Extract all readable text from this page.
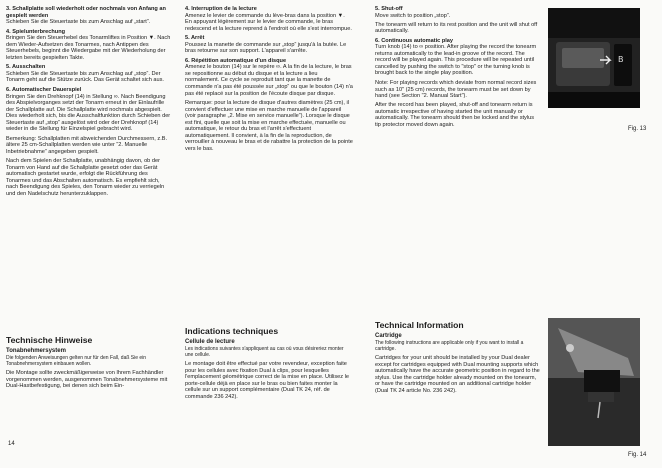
3. Schallplatte soll wiederholt oder nochmals von Anfang an gespielt werden
Schieben Sie die Steuertaste bis zum Anschlag auf „start“.
4. Spielunterbrechung
Bringen Sie den Steuerhebel des Tonarmliftes in Position ▼. Nach dem Wieder-Aufsetzen des Tonarmes, nach Antippen des Steuerhebels, beginnt die Wiedergabe mit der Wiederholung der letzten bereits gespielten Takte.
5. Ausschalten
Schieben Sie die Steuertaste bis zum Anschlag auf „stop“. Der Tonarm geht auf die Stütze zurück. Das Gerät schaltet sich aus.
6. Automatischer Dauerspiel
Bringen Sie den Drehknopf (14) in Stellung ∞. Nach Beendigung des Abspielvorganges setzt der Tonarm erneut in der Einlaufrille der Schallplatte auf. Die Schallplatte wird nochmals abgespielt. Dies wiederholt sich, bis die Ausschaltfunktion durch Schieben der Steuertaste auf „stop“ ausgelöst wird oder der Drehknopf (14) wieder in die Stellung für Einzelspiel gebracht wird.
Bemerkung: Schallplatten mit abweichenden Durchmessern, z.B. ältere 25 cm-Schallplatten werden wie unter “2. Manuelle Inbetriebnahme” angegeben gespielt.
Nach dem Spielen der Schallplatte, unabhängig davon, ob der Tonarm von Hand auf die Schallplatte gesetzt oder das Gerät automatisch gestartet wurde, erfolgt die Rückführung des Tonarmes und das Abschalten automatisch. Es empfiehlt sich, nach Beendigung des Spieles, den Tonarm wieder zu verriegeln und den Nadelschutz herunterzuklappen.
Technische Hinweise
Tonabnehmersystem
Die folgenden Anweisungen gelten nur für den Fall, daß Sie ein Tonabnehmersystem einbauen wollen.
Die Montage sollte zweckmäßigerweise von Ihrem Fachhändler vorgenommen werden, ausgenommen Tonabnehmersysteme mit Dual-Hastbefestigung, bei denen sich beim Ein-
4. Interruption de la lecture
Amenez le levier de commande du lève-bras dans la position ▼. En appuyant légèrement sur le levier de commande, le bras redescend et la lecture reprend à l'endroit où elle s'est interrompue.
5. Arrêt
Poussez la manette de commande sur „stop“ jusqu'à la butée. Le bras retourne sur son support. L'appareil s'arrête.
6. Répétition automatique d'un disque
Amenez le bouton (14) sur le repère ∞. A la fin de la lecture, le bras se repositionne au début du disque et la lecture a lieu normalement. Ce cycle se reproduit tant que la manette de commande n'a pas été poussée sur „stop“ ou que le bouton (14) n'a pas été replacé sur la position de l'écoute disque par disque.
Remarque: pour la lecture de disque d'autres diamètres (25 cm), il convient d'effectuer une mise en marche manuelle de l'appareil (voir paragraphe „2. Mise en service manuelle“). Lorsque le disque est fini, quelle que soit la mise en marche effectuée, manuelle ou automatique, le retour du bras et l'arrêt s'effectuent automatiquement. Il convient, à la fin de la reproduction, de verrouiller à nouveau le bras et de rabattre la protection de la pointe vers le bas.
Indications techniques
Cellule de lecture
Les indications suivantes s'appliquent au cas où vous désireriez monter une cellule.
Le montage doit être effectué par votre revendeur, exception faite pour les cellules avec fixation Dual à clips, pour lesquelles l'emplacement géométrique correct de la mise en place. Utilisez le porte-cellule déjà en place sur le bras ou bien faites monter la cellule sur un support complémentaire (Dual TK 24, réf. de commande 236 242).
5. Shut-off
Move switch to position „stop“.
The tonearm will return to its rest position and the unit will shut off automatically.
6. Continuous automatic play
Turn knob (14) to ∞ position. After playing the record the tonearm returns automatically to the lead-in groove of the record. The record will be played again. This procedure will be repeated until cancelled by pushing the switch to "stop" or the turning knob is brought back to the single play position.
Note: For playing records which deviate from normal record sizes such as 10" (25 cm) records, the tonearm must be set down by hand (see Section "2. Manual Start").
After the record has been played, shut-off and tonearm return is automatic irrespective of having started the unit manually or automatically. The tonearm should then be locked and the stylus tip protector moved down again.
Technical Information
Cartridge
The following instructions are applicable only if you want to install a cartridge.
Cartridges for your unit should be installed by your Dual dealer except for cartridges equipped with Dual mounting supports which automatically have the accurate geometric position in regard to the stylus. Use the cartridge holder already mounted on the tonearm, or have the cartridge mounted on an additional cartridge holder (Dual TK 24 article No. 236 242).
B
Fig. 13
Fig. 14
14
